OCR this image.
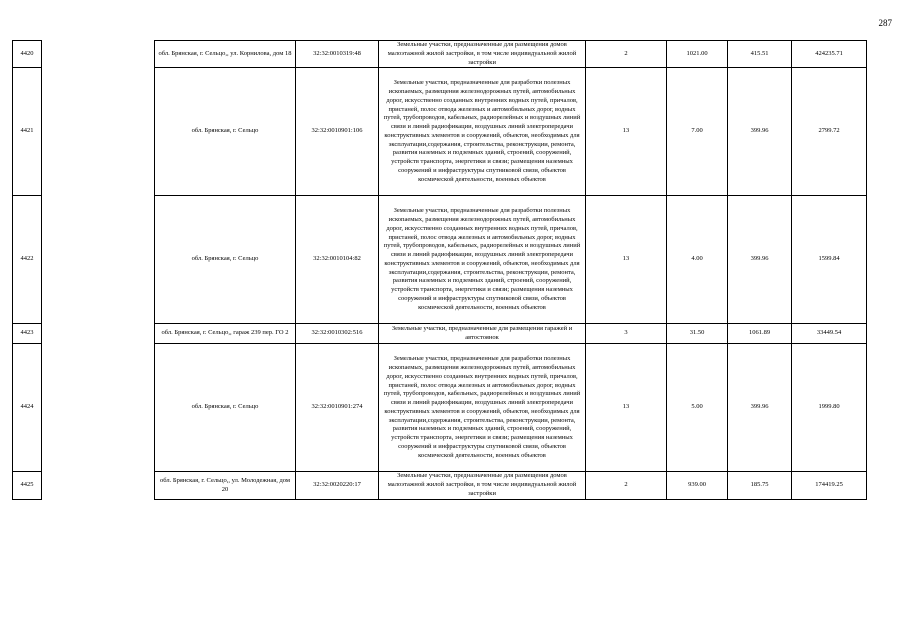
287
4420		обл. Брянская, г. Сельцо,, ул. Корнилова, дом 18	32:32:0010319:48	Земельные участки, предназначенные для размещения домов малоэтажной жилой застройки, в том числе индивидуальной жилой застройки	2	1021.00	415.51	424235.71
4421		обл. Брянская, г. Сельцо	32:32:0010901:106	Земельные участки, предназначенные для разработки полезных ископаемых, размещения железнодорожных путей, автомобильных дорог, искусственно созданных внутренних водных путей, причалов, пристаней, полос отвода железных и автомобильных дорог, водных путей, трубопроводов, кабельных, радиорелейных и воздушных линий связи и линий радиофикации, воздушных линий электропередачи конструктивных элементов и сооружений, объектов, необходимых для эксплуатации,содержания, строительства, реконструкции, ремонта, развития наземных и подземных зданий, строений, сооружений, устройств транспорта, энергетики и связи; размещения наземных сооружений и инфраструктуры спутниковой связи, объектов космической деятельности, военных объектов	13	7.00	399.96	2799.72
4422		обл. Брянская, г. Сельцо	32:32:0010104:82	Земельные участки, предназначенные для разработки полезных ископаемых, размещения железнодорожных путей, автомобильных дорог, искусственно созданных внутренних водных путей, причалов, пристаней, полос отвода железных и автомобильных дорог, водных путей, трубопроводов, кабельных, радиорелейных и воздушных линий связи и линий радиофикации, воздушных линий электропередачи конструктивных элементов и сооружений, объектов, необходимых для эксплуатации,содержания, строительства, реконструкции, ремонта, развития наземных и подземных зданий, строений, сооружений, устройств транспорта, энергетики и связи; размещения наземных сооружений и инфраструктуры спутниковой связи, объектов космической деятельности, военных объектов	13	4.00	399.96	1599.84
4423		обл. Брянская, г. Сельцо,, гараж 239 пер. ГО 2	32:32:0010302:516	Земельные участки, предназначенные для размещения гаражей и автостоянок	3	31.50	1061.89	33449.54
4424		обл. Брянская, г. Сельцо	32:32:0010901:274	Земельные участки, предназначенные для разработки полезных ископаемых, размещения железнодорожных путей, автомобильных дорог, искусственно созданных внутренних водных путей, причалов, пристаней, полос отвода железных и автомобильных дорог, водных путей, трубопроводов, кабельных, радиорелейных и воздушных линий связи и линий радиофикации, воздушных линий электропередачи конструктивных элементов и сооружений, объектов, необходимых для эксплуатации,содержания, строительства, реконструкции, ремонта, развития наземных и подземных зданий, строений, сооружений, устройств транспорта, энергетики и связи; размещения наземных сооружений и инфраструктуры спутниковой связи, объектов космической деятельности, военных объектов	13	5.00	399.96	1999.80
4425		обл. Брянская, г. Сельцо,, ул. Молодежная, дом 20	32:32:0020220:17	Земельные участки, предназначенные для размещения домов малоэтажной жилой застройки, в том числе индивидуальной жилой застройки	2	939.00	185.75	174419.25
